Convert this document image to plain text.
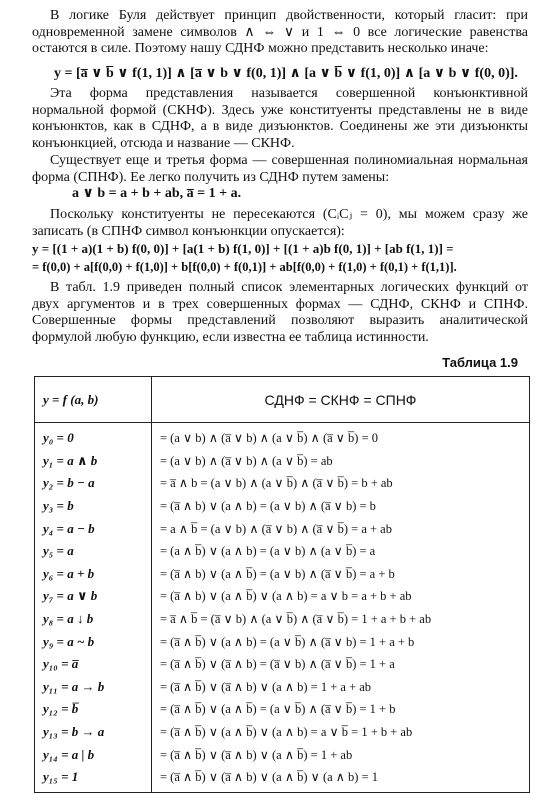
В логике Буля действует принцип двойственности, который гласит: при одновременной замене символов ∧ ⇔ ∨ и 1 ⇔ 0 все логические равенства остаются в силе. Поэтому нашу СДНФ можно представить несколько иначе:

y = [a̅ ∨ b̅ ∨ f(1, 1)] ∧ [a̅ ∨ b ∨ f(0, 1)] ∧ [a ∨ b̅ ∨ f(1, 0)] ∧ [a ∨ b ∨ f(0, 0)].

Эта форма представления называется совершенной конъюнктивной нормальной формой (СКНФ). Здесь уже конституенты представлены не в виде конъюнктов, как в СДНФ, а в виде дизъюнктов. Соединены же эти дизъюнкты конъюнкцией, отсюда и название — СКНФ.

Существует еще и третья форма — совершенная полиномиальная нормальная форма (СПНФ). Ее легко получить из СДНФ путем замены:

a ∨ b = a + b + ab, a̅ = 1 + a.

Поскольку конституенты не пересекаются (CᵢCⱼ = 0), мы можем сразу же записать (в СПНФ символ конъюнкции опускается):

y = [(1 + a)(1 + b) f(0, 0)] + [a(1 + b) f(1, 0)] + [(1 + a)b f(0, 1)] + [ab f(1, 1)] =
= f(0,0) + a[f(0,0) + f(1,0)] + b[f(0,0) + f(0,1)] + ab[f(0,0) + f(1,0) + f(0,1) + f(1,1)].

В табл. 1.9 приведен полный список элементарных логических функций от двух аргументов и в трех совершенных формах — СДНФ, СКНФ и СПНФ. Совершенные формы представлений позволяют выразить аналитической формулой любую функцию, если известна ее таблица истинности.

Таблица 1.9
y = f (a, b)	СДНФ = СКНФ = СПНФ
y₀ = 0	= (a ∨ b) ∧ (a̅ ∨ b) ∧ (a ∨ b̅) ∧ (a̅ ∨ b̅) = 0
y₁ = a ∧ b	= (a ∨ b) ∧ (a̅ ∨ b) ∧ (a ∨ b̅) = ab
y₂ = b − a	= a̅ ∧ b = (a ∨ b) ∧ (a ∨ b̅) ∧ (a̅ ∨ b̅) = b + ab
y₃ = b	= (a̅ ∧ b) ∨ (a ∧ b) = (a ∨ b) ∧ (a̅ ∨ b) = b
y₄ = a − b	= a ∧ b̅ = (a ∨ b) ∧ (a̅ ∨ b) ∧ (a̅ ∨ b̅) = a + ab
y₅ = a	= (a ∧ b̅) ∨ (a ∧ b) = (a ∨ b) ∧ (a ∨ b̅) = a
y₆ = a + b	= (a̅ ∧ b) ∨ (a ∧ b̅) = (a ∨ b) ∧ (a̅ ∨ b̅) = a + b
y₇ = a ∨ b	= (a̅ ∧ b) ∨ (a ∧ b̅) ∨ (a ∧ b) = a ∨ b = a + b + ab
y₈ = a ↓ b	= a̅ ∧ b̅ = (a̅ ∨ b) ∧ (a ∨ b̅) ∧ (a̅ ∨ b̅) = 1 + a + b + ab
y₉ = a ~ b	= (a̅ ∧ b̅) ∨ (a ∧ b) = (a ∨ b̅) ∧ (a̅ ∨ b) = 1 + a + b
y₁₀ = a̅	= (a̅ ∧ b̅) ∨ (a̅ ∧ b) = (a̅ ∨ b) ∧ (a̅ ∨ b̅) = 1 + a
y₁₁ = a → b	= (a̅ ∧ b̅) ∨ (a̅ ∧ b) ∨ (a ∧ b) = 1 + a + ab
y₁₂ = b̅	= (a̅ ∧ b̅) ∨ (a ∧ b̅) = (a ∨ b̅) ∧ (a̅ ∨ b̅) = 1 + b
y₁₃ = b → a	= (a̅ ∧ b̅) ∨ (a ∧ b̅) ∨ (a ∧ b) = a ∨ b̅ = 1 + b + ab
y₁₄ = a | b	= (a̅ ∧ b̅) ∨ (a̅ ∧ b) ∨ (a ∧ b̅) = 1 + ab
y₁₅ = 1	= (a̅ ∧ b̅) ∨ (a̅ ∧ b) ∨ (a ∧ b̅) ∨ (a ∧ b) = 1
